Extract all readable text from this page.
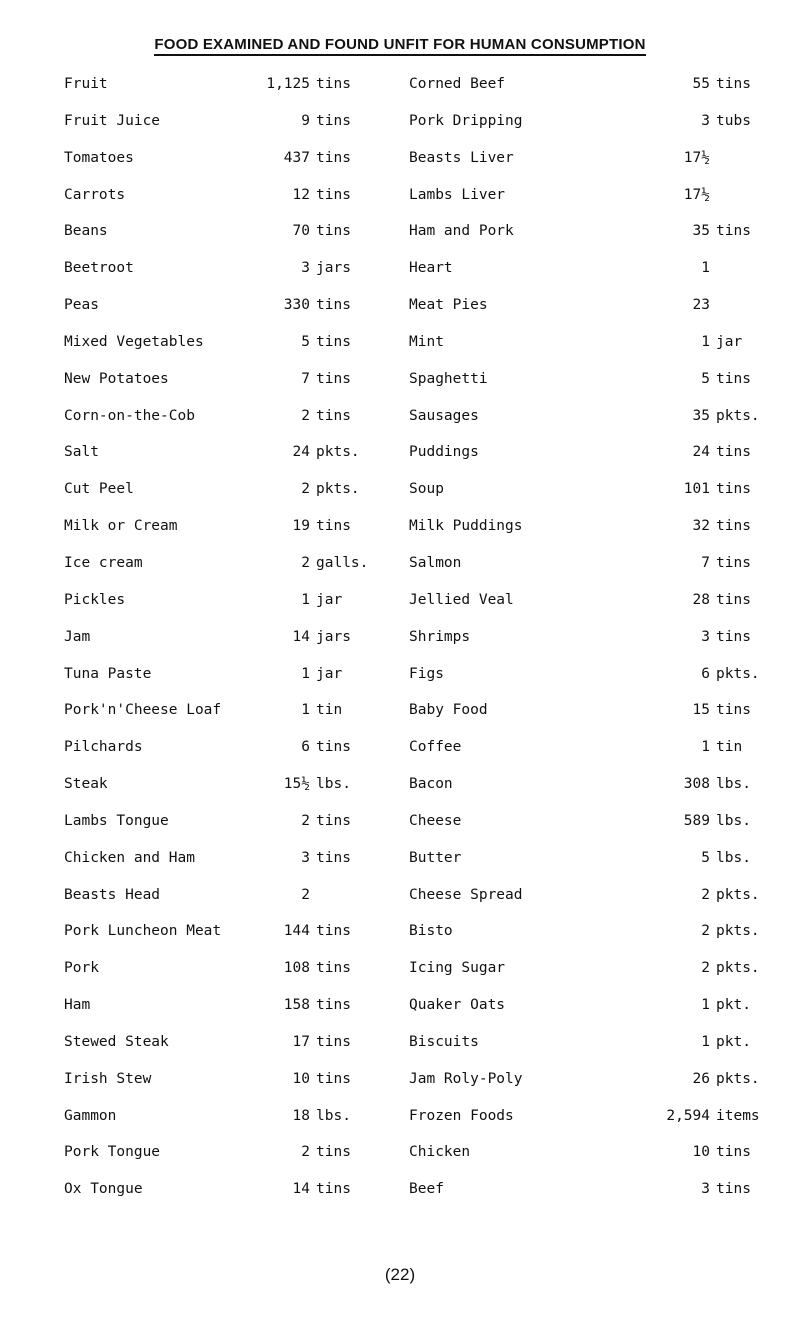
FOOD EXAMINED AND FOUND UNFIT FOR HUMAN CONSUMPTION
Fruit	1,125 tins	Corned Beef	55 tins
Fruit Juice	9 tins	Pork Dripping	3 tubs
Tomatoes	437 tins	Beasts Liver	17½
Carrots	12 tins	Lambs Liver	17½
Beans	70 tins	Ham and Pork	35 tins
Beetroot	3 jars	Heart	1
Peas	330 tins	Meat Pies	23
Mixed Vegetables	5 tins	Mint	1 jar
New Potatoes	7 tins	Spaghetti	5 tins
Corn-on-the-Cob	2 tins	Sausages	35 pkts.
Salt	24 pkts.	Puddings	24 tins
Cut Peel	2 pkts.	Soup	101 tins
Milk or Cream	19 tins	Milk Puddings	32 tins
Ice cream	2 galls.	Salmon	7 tins
Pickles	1 jar	Jellied Veal	28 tins
Jam	14 jars	Shrimps	3 tins
Tuna Paste	1 jar	Figs	6 pkts.
Pork'n'Cheese Loaf	1 tin	Baby Food	15 tins
Pilchards	6 tins	Coffee	1 tin
Steak	15½ lbs.	Bacon	308 lbs.
Lambs Tongue	2 tins	Cheese	589 lbs.
Chicken and Ham	3 tins	Butter	5 lbs.
Beasts Head	2	Cheese Spread	2 pkts.
Pork Luncheon Meat	144 tins	Bisto	2 pkts.
Pork	108 tins	Icing Sugar	2 pkts.
Ham	158 tins	Quaker Oats	1 pkt.
Stewed Steak	17 tins	Biscuits	1 pkt.
Irish Stew	10 tins	Jam Roly-Poly	26 pkts.
Gammon	18 lbs.	Frozen Foods	2,594 items
Pork Tongue	2 tins	Chicken	10 tins
Ox Tongue	14 tins	Beef	3 tins
(22)
